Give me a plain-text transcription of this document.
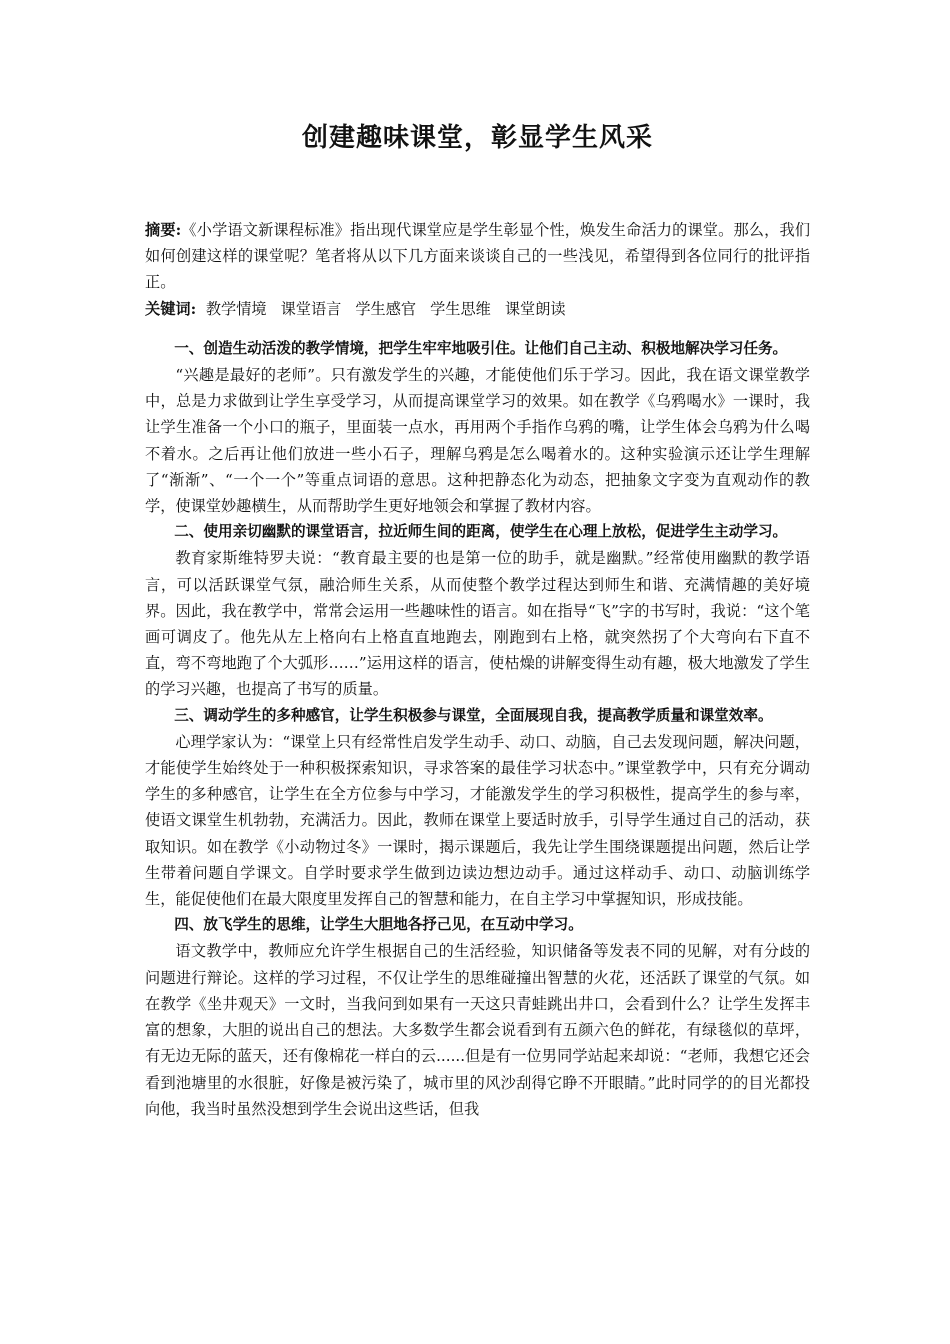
创建趣味课堂，彰显学生风采

摘要:《小学语文新课程标准》指出现代课堂应是学生彰显个性，焕发生命活力的课堂。那么，我们如何创建这样的课堂呢？笔者将从以下几方面来谈谈自己的一些浅见，希望得到各位同行的批评指正。

关键词: 教学情境 课堂语言 学生感官 学生思维 课堂朗读

一、创造生动活泼的教学情境，把学生牢牢地吸引住。让他们自己主动、积极地解决学习任务。

“兴趣是最好的老师”。只有激发学生的兴趣，才能使他们乐于学习。因此，我在语文课堂教学中，总是力求做到让学生享受学习，从而提高课堂学习的效果。如在教学《乌鸦喝水》一课时，我让学生准备一个小口的瓶子，里面装一点水，再用两个手指作乌鸦的嘴，让学生体会乌鸦为什么喝不着水。之后再让他们放进一些小石子，理解乌鸦是怎么喝着水的。这种实验演示还让学生理解了“渐渐”、“一个一个”等重点词语的意思。这种把静态化为动态，把抽象文字变为直观动作的教学，使课堂妙趣横生，从而帮助学生更好地领会和掌握了教材内容。

二、使用亲切幽默的课堂语言，拉近师生间的距离，使学生在心理上放松，促进学生主动学习。

教育家斯维特罗夫说：“教育最主要的也是第一位的助手，就是幽默。”经常使用幽默的教学语言，可以活跃课堂气氛，融洽师生关系，从而使整个教学过程达到师生和谐、充满情趣的美好境界。因此，我在教学中，常常会运用一些趣味性的语言。如在指导“飞”字的书写时，我说：“这个笔画可调皮了。他先从左上格向右上格直直地跑去，刚跑到右上格，就突然拐了个大弯向右下直不直，弯不弯地跑了个大弧形……”运用这样的语言，使枯燥的讲解变得生动有趣，极大地激发了学生的学习兴趣，也提高了书写的质量。

三、调动学生的多种感官，让学生积极参与课堂，全面展现自我，提高教学质量和课堂效率。

心理学家认为：“课堂上只有经常性启发学生动手、动口、动脑，自己去发现问题，解决问题，才能使学生始终处于一种积极探索知识，寻求答案的最佳学习状态中。”课堂教学中，只有充分调动学生的多种感官，让学生在全方位参与中学习，才能激发学生的学习积极性，提高学生的参与率，使语文课堂生机勃勃，充满活力。因此，教师在课堂上要适时放手，引导学生通过自己的活动，获取知识。如在教学《小动物过冬》一课时，揭示课题后，我先让学生围绕课题提出问题，然后让学生带着问题自学课文。自学时要求学生做到边读边想边动手。通过这样动手、动口、动脑训练学生，能促使他们在最大限度里发挥自己的智慧和能力，在自主学习中掌握知识，形成技能。

四、放飞学生的思维，让学生大胆地各抒己见，在互动中学习。

语文教学中，教师应允许学生根据自己的生活经验，知识储备等发表不同的见解，对有分歧的问题进行辩论。这样的学习过程，不仅让学生的思维碰撞出智慧的火花，还活跃了课堂的气氛。如在教学《坐井观天》一文时，当我问到如果有一天这只青蛙跳出井口，会看到什么？让学生发挥丰富的想象，大胆的说出自己的想法。大多数学生都会说看到有五颜六色的鲜花，有绿毯似的草坪，有无边无际的蓝天，还有像棉花一样白的云......但是有一位男同学站起来却说：“老师，我想它还会看到池塘里的水很脏，好像是被污染了，城市里的风沙刮得它睁不开眼睛。”此时同学的的目光都投向他，我当时虽然没想到学生会说出这些话，但我
